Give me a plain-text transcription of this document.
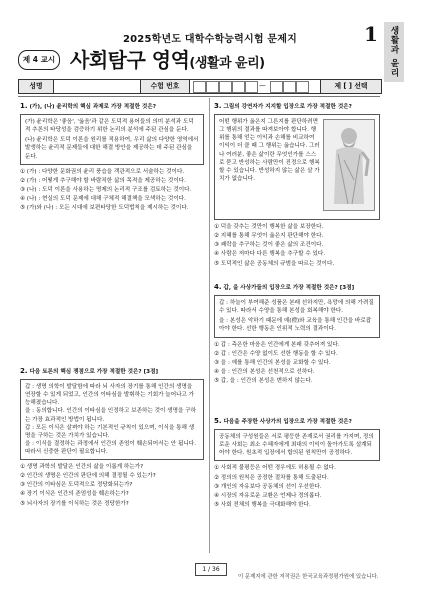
2025학년도 대학수학능력시험 문제지	1	생활과 윤리
제 4 교시 사회탐구 영역(생활과 윤리)
성명	수험 번호	—	제 [ ] 선택
1. (가), (나) 윤리학의 핵심 과제로 가장 적절한 것은?
(가) 윤리학은 '좋음', '옳음'과 같은 도덕적 용어들의 의미 분석과 도덕적 추론의 타당성을 검증하기 위한 논리의 분석에 주된 관심을 둔다.
(나) 윤리학은 도덕 이론을 원리를 적용하여, 우리 삶의 다양한 영역에서 발생하는 윤리적 문제들에 대한 해결 방안을 제공하는 데 주된 관심을 둔다.
① (가) : 다양한 문화권의 윤리 풍습을 객관적으로 서술하는 것이다.
② (가) : 어떻게 추구해야 할 바람직한 삶의 목적을 제공하는 것이다.
③ (나) : 도덕 이론을 사용하는 명제의 논리적 구조를 검토하는 것이다.
④ (나) : 현실의 도덕 문제에 대해 구체적 해결책을 모색하는 것이다.
⑤ (가)와 (나) : 모든 시대에 보편타당한 도덕법칙을 제시하는 것이다.
2. 다음 토론의 핵심 쟁점으로 가장 적절한 것은? [3점]
갑 : 생명 의학이 발달함에 따라 뇌 사자의 장기를 통해 인간의 생명을 연장할 수 있게 되었고, 인간의 이타심을 발휘하는 기회가 늘어나고 가능해졌습니다.
을 : 동의합니다. 인간의 이타심을 인정하고 보존하는 것이 생명을 구하는 가장 효과적인 방법이 됩니다.
갑 : 모든 이식은 살펴야 하는 기본적인 규칙이 있으며, 이식을 통해 생명을 구하는 것은 가치가 있습니다.
을 : 이식을 결정하는 과정에서 인간의 존엄이 훼손되어서는 안 됩니다. 따라서 신중한 판단이 필요합니다.
① 생명 과학의 발달은 인간의 삶을 이롭게 하는가?
② 인간의 생명은 인간의 판단에 의해 결정될 수 있는가?
③ 인간의 이타심은 도덕적으로 정당화되는가?
④ 장기 이식은 인간의 존엄성을 훼손하는가?
⑤ 뇌사자의 장기를 이식하는 것은 정당한가?
3. 그림의 강연자가 지지할 입장으로 가장 적절한 것은?
어떤 행위가 옳은지 그른지를 판단하려면 그 행위의 결과를 따져보아야 합니다. 행위를 통해 얻는 이익과 손해를 비교하여 이익이 더 클 때 그 행위는 옳습니다. 그러나 여러분, 좋은 삶이란 무엇인가를 스스로 묻고 반성하는 사람만이 진정으로 행복할 수 있습니다. 반성하지 않는 삶은 살 가치가 없습니다.
① 덕을 갖추는 것만이 행복한 삶을 보장한다.
② 지혜를 통해 무엇이 옳은지 판단해야 한다.
③ 쾌락을 추구하는 것이 좋은 삶의 조건이다.
④ 사람은 저마다 다른 행복을 추구할 수 있다.
⑤ 도덕적인 삶은 공동체의 규범을 따르는 것이다.
4. 갑, 을 사상가들의 입장으로 가장 적절한 것은? [3점]
갑 : 하늘이 부여해준 성품은 본래 선하지만, 욕망에 의해 가려질 수 있다. 따라서 수양을 통해 본성을 회복해야 한다.
을 : 본성은 악하기 때문에 예(禮)와 교육을 통해 인간을 바로잡아야 한다. 선한 행동은 인위적 노력의 결과이다.
① 갑 : 측은한 마음은 인간에게 본래 갖추어져 있다.
② 갑 : 인간은 수양 없이도 선한 행동을 할 수 있다.
③ 을 : 예를 통해 인간의 본성을 교화할 수 있다.
④ 을 : 인간의 본성은 선천적으로 선하다.
⑤ 갑, 을 : 인간의 본성은 변하지 않는다.
5. 다음을 주장한 사상가의 입장으로 가장 적절한 것은?
공동체의 구성원들은 서로 평등한 존재로서 권리를 가지며, 정의로운 사회는 최소 수혜자에게 최대의 이익이 돌아가도록 설계되어야 한다. 원초적 입장에서 합의된 원칙만이 공정하다.
① 사회적 불평등은 어떤 경우에도 허용될 수 없다.
② 정의의 원칙은 공정한 절차를 통해 도출된다.
③ 개인의 자유보다 공동체의 선이 우선한다.
④ 시장의 자유로운 교환은 언제나 정의롭다.
⑤ 사회 전체의 행복을 극대화해야 한다.
1 / 36
이 문제지에 관한 저작권은 한국교육과정평가원에 있습니다.
